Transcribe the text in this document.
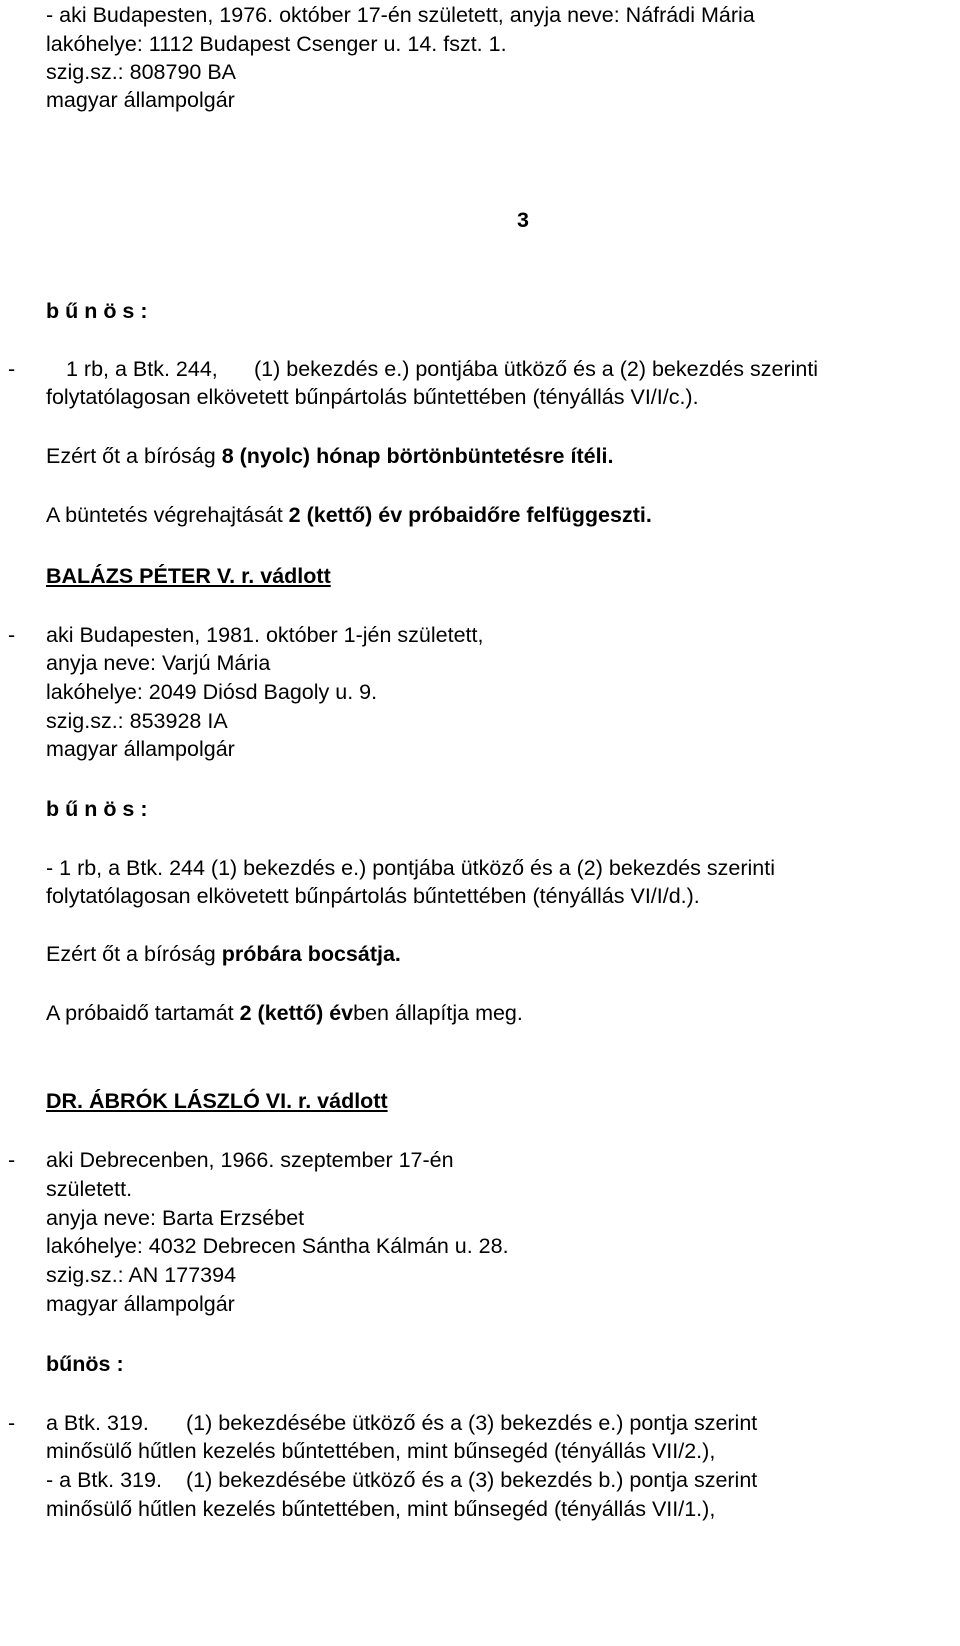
- aki Budapesten, 1976. október 17-én született, anyja neve: Náfrádi Mária
lakóhelye: 1112 Budapest Csenger u. 14. fszt. 1.
szig.sz.: 808790 BA
magyar állampolgár
3
b ű n ö s :
- 1 rb, a Btk. 244, (1) bekezdés e.) pontjába ütköző és a (2) bekezdés szerinti
folytatólagosan elkövetett bűnpártolás bűntettében (tényállás VI/I/c.).
Ezért őt a bíróság 8 (nyolc) hónap börtönbüntetésre ítéli.
A büntetés végrehajtását 2 (kettő) év próbaidőre felfüggeszti.
BALÁZS PÉTER V. r. vádlott
- aki Budapesten, 1981. október 1-jén született,
anyja neve: Varjú Mária
lakóhelye: 2049 Diósd Bagoly u. 9.
szig.sz.: 853928 IA
magyar állampolgár
b ű n ö s :
- 1 rb, a Btk. 244 (1) bekezdés e.) pontjába ütköző és a (2) bekezdés szerinti
folytatólagosan elkövetett bűnpártolás bűntettében (tényállás VI/I/d.).
Ezért őt a bíróság próbára bocsátja.
A próbaidő tartamát 2 (kettő) évben állapítja meg.
DR. ÁBRÓK LÁSZLÓ VI. r. vádlott
- aki Debrecenben, 1966. szeptember 17-én
született.
anyja neve: Barta Erzsébet
lakóhelye: 4032 Debrecen Sántha Kálmán u. 28.
szig.sz.: AN 177394
magyar állampolgár
bűnös :
- a Btk. 319. (1) bekezdésébe ütköző és a (3) bekezdés e.) pontja szerint
minősülő hűtlen kezelés bűntettében, mint bűnsegéd (tényállás VII/2.),
- a Btk. 319. (1) bekezdésébe ütköző és a (3) bekezdés b.) pontja szerint
minősülő hűtlen kezelés bűntettében, mint bűnsegéd (tényállás VII/1.),
